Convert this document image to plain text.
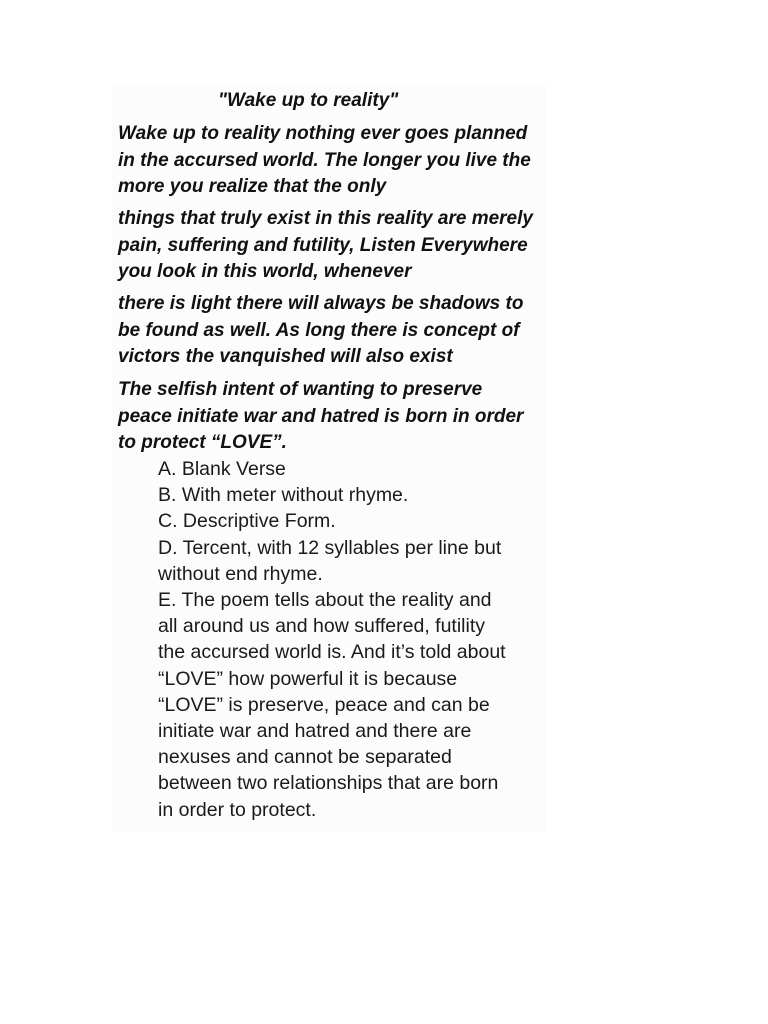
"Wake up to reality"
Wake up to reality nothing ever goes planned
in the accursed world. The longer you live the
more you realize that the only
things that truly exist in this reality are merely
pain, suffering and futility, Listen Everywhere
you look in this world, whenever
there is light there will always be shadows to
be found as well. As long there is concept of
victors the vanquished will also exist
The selfish intent of wanting to preserve
peace initiate war and hatred is born in order
to protect “LOVE”.
A. Blank Verse
B. With meter without rhyme.
C. Descriptive Form.
D. Tercent, with 12 syllables per line but
without end rhyme.
E. The poem tells about the reality and
all around us and how suffered, futility
the accursed world is. And it’s told about
“LOVE” how powerful it is because
“LOVE” is preserve, peace and can be
initiate war and hatred and there are
nexuses and cannot be separated
between two relationships that are born
in order to protect.
